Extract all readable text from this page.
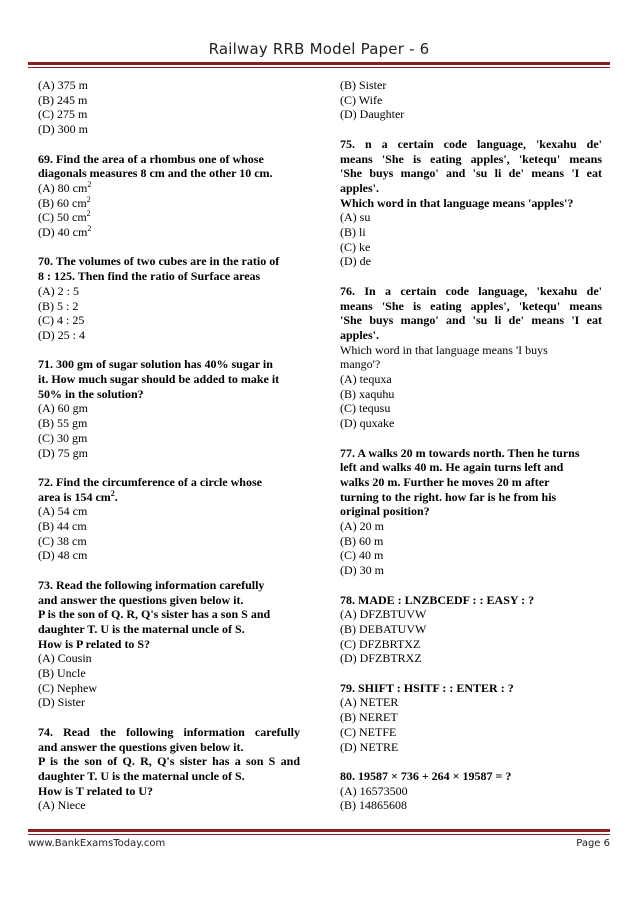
Railway RRB Model Paper - 6
(A) 375 m
(B) 245 m
(C) 275 m
(D) 300 m
69. Find the area of a rhombus one of whose
diagonals measures 8 cm and the other 10 cm.
(A) 80 $cm^2$
(B) 60 $cm^2$
(C) 50 $cm^2$
(D) 40 $cm^2$
70. The volumes of two cubes are in the ratio of
8 : 125. Then find the ratio of Surface areas
(A) 2 : 5
(B) 5 : 2
(C) 4 : 25
(D) 25 : 4
71. 300 gm of sugar solution has 40% sugar in
it. How much sugar should be added to make it
50% in the solution?
(A) 60 gm
(B) 55 gm
(C) 30 gm
(D) 75 gm
72. Find the circumference of a circle whose
area is 154 $cm^2$.
(A) 54 cm
(B) 44 cm
(C) 38 cm
(D) 48 cm
73. Read the following information carefully
and answer the questions given below it.
P is the son of Q. R, Q's sister has a son S and
daughter T. U is the maternal uncle of S.
How is P related to S?
(A) Cousin
(B) Uncle
(C) Nephew
(D) Sister
74. Read the following information carefully
and answer the questions given below it.
P is the son of Q. R, Q's sister has a son S and
daughter T. U is the maternal uncle of S.
How is T related to U?
(A) Niece
(B) Sister
(C) Wife
(D) Daughter
75. n a certain code language, 'kexahu de'
means 'She is eating apples', 'ketequ' means
'She buys mango' and 'su li de' means 'I eat
apples'.
Which word in that language means 'apples'?
(A) su
(B) li
(C) ke
(D) de
76. In a certain code language, 'kexahu de'
means 'She is eating apples', 'ketequ' means
'She buys mango' and 'su li de' means 'I eat
apples'.
Which word in that language means 'I buys
mango'?
(A) tequxa
(B) xaquhu
(C) tequsu
(D) quxake
77. A walks 20 m towards north. Then he turns
left and walks 40 m. He again turns left and
walks 20 m. Further he moves 20 m after
turning to the right. how far is he from his
original position?
(A) 20 m
(B) 60 m
(C) 40 m
(D) 30 m
78. MADE : LNZBCEDF : : EASY : ?
(A) DFZBTUVW
(B) DEBATUVW
(C) DFZBRTXZ
(D) DFZBTRXZ
79. SHIFT : HSITF : : ENTER : ?
(A) NETER
(B) NERET
(C) NETFE
(D) NETRE
80. 19587 × 736 + 264 × 19587 = ?
(A) 16573500
(B) 14865608
www.BankExamsToday.com	Page 6
